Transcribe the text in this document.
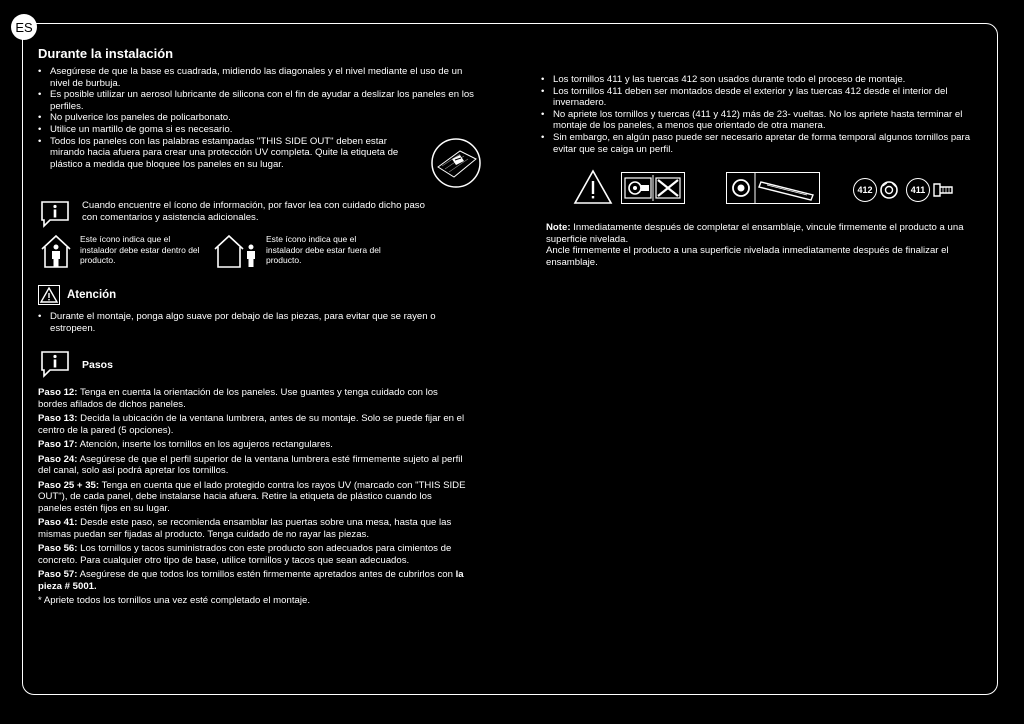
ES
Durante la instalación
• Asegúrese de que la base es cuadrada, midiendo las diagonales y el nivel mediante el uso de un nivel de burbuja.
• Es posible utilizar un aerosol lubricante de silicona con el fin de ayudar a deslizar los paneles en los perfiles.
• No pulverice los paneles de policarbonato.
• Utilice un martillo de goma si es necesario.
• Todos los paneles con las palabras estampadas "THIS SIDE OUT" deben estar mirando hacia afuera para crear una protección UV completa. Quite la etiqueta de plástico a medida que bloquee los paneles en su lugar.
Cuando encuentre el ícono de información, por favor lea con cuidado dicho paso con comentarios y asistencia adicionales.
Este ícono indica que el instalador debe estar dentro del producto.
Este ícono indica que el instalador debe estar fuera del producto.
Atención
• Durante el montaje, ponga algo suave por debajo de las piezas, para evitar que se rayen o estropeen.
Pasos

Paso 12: Tenga en cuenta la orientación de los paneles. Use guantes y tenga cuidado con los bordes afilados de dichos paneles.

Paso 13: Decida la ubicación de la ventana lumbrera, antes de su montaje. Solo se puede fijar en el centro de la pared (5 opciones).

Paso 17: Atención, inserte los tornillos en los agujeros rectangulares.

Paso 24: Asegúrese de que el perfil superior de la ventana lumbrera esté firmemente sujeto al perfil del canal, solo así podrá apretar los tornillos.

Paso 25 + 35: Tenga en cuenta que el lado protegido contra los rayos UV (marcado con "THIS SIDE OUT"), de cada panel, debe instalarse hacia afuera. Retire la etiqueta de plástico cuando los paneles estén fijos en su lugar.

Paso 41: Desde este paso, se recomienda ensamblar las puertas sobre una mesa, hasta que las mismas puedan ser fijadas al producto. Tenga cuidado de no rayar las piezas.

Paso 56: Los tornillos y tacos suministrados con este producto son adecuados para cimientos de concreto. Para cualquier otro tipo de base, utilice tornillos y tacos que sean adecuados.

Paso 57: Asegúrese de que todos los tornillos estén firmemente apretados antes de cubrirlos con la pieza # 5001.

* Apriete todos los tornillos una vez esté completado el montaje.

• Los tornillos 411 y las tuercas 412 son usados durante todo el proceso de montaje.
• Los tornillos 411 deben ser montados desde el exterior y las tuercas 412 desde el interior del invernadero.
• No apriete los tornillos y tuercas (411 y 412) más de 23- vueltas. No los apriete hasta terminar el montaje de los paneles, a menos que orientado de otra manera.
• Sin embargo, en algún paso puede ser necesario apretar de forma temporal algunos tornillos para evitar que se caiga un perfil.
412	411
Note: Inmediatamente después de completar el ensamblaje, vincule firmemente el producto a una superficie nivelada.
Ancle firmemente el producto a una superficie nivelada inmediatamente después de finalizar el ensamblaje.
